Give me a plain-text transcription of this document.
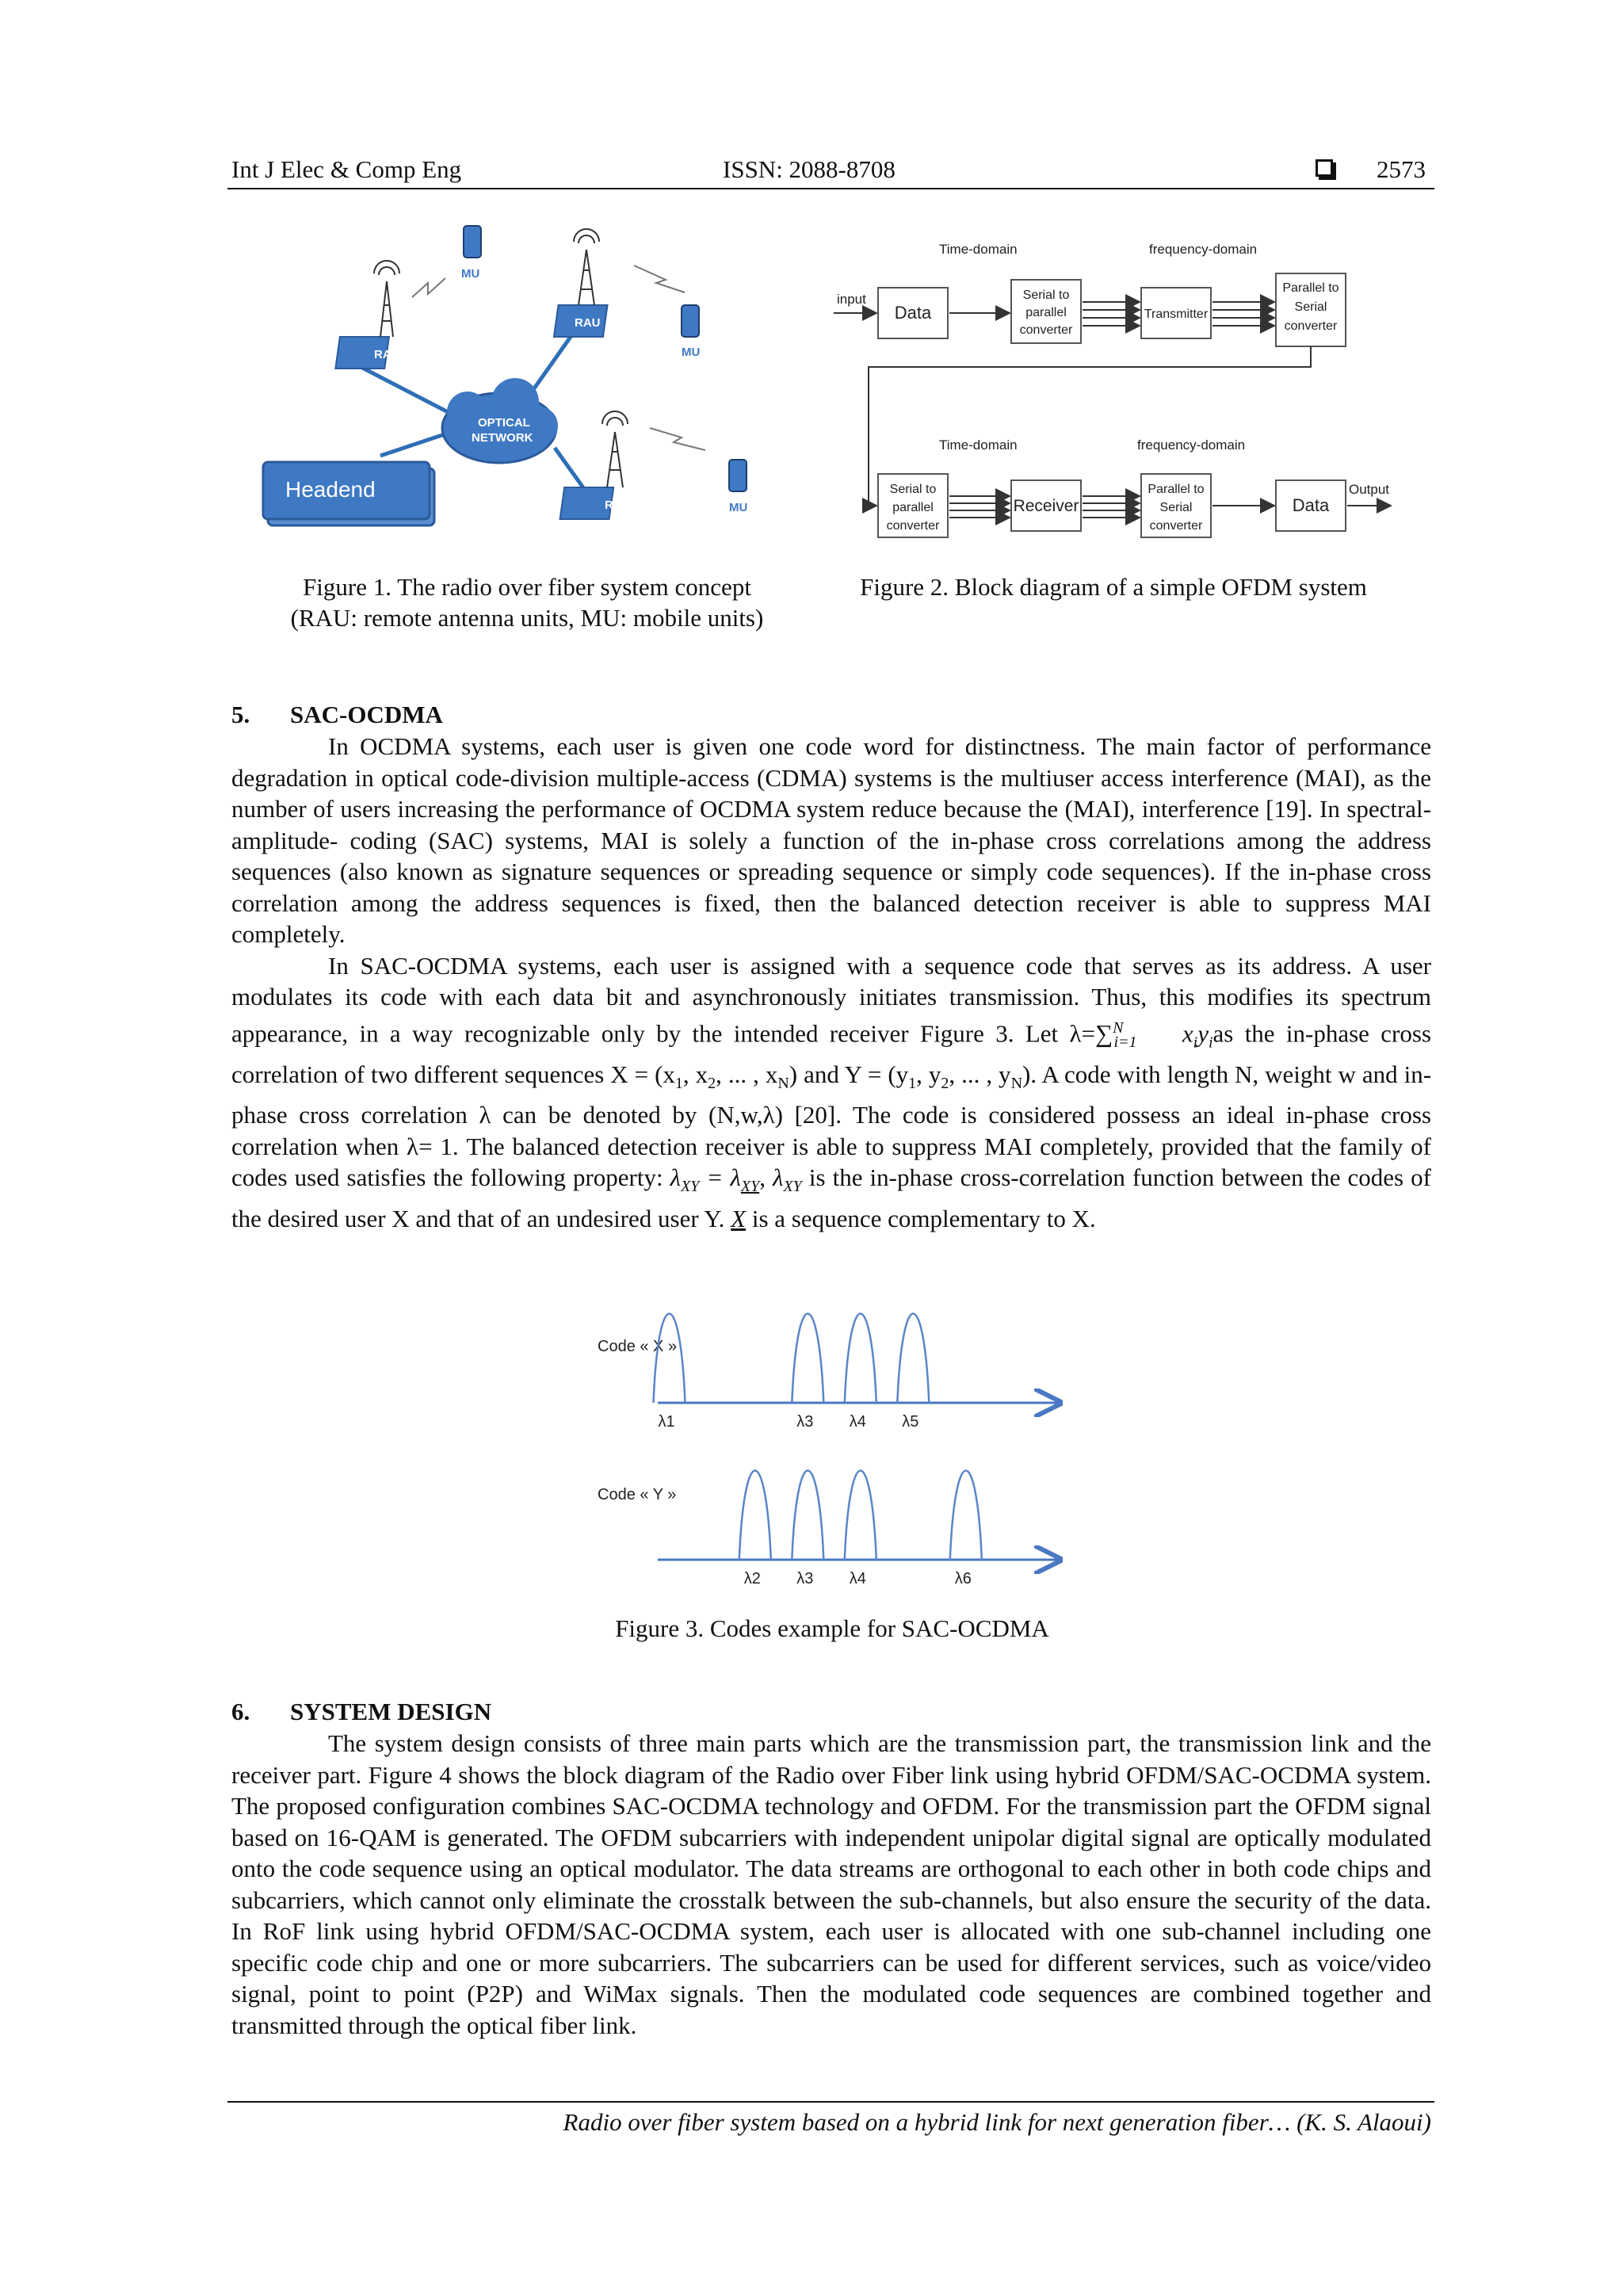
Int J Elec & Comp Eng	ISSN: 2088-8708	2573
Headend
OPTICAL
NETWORK
RAU
RAU
RAU
MU
MU
MU
Figure 1. The radio over fiber system concept
(RAU: remote antenna units, MU: mobile units)
Time-domain	frequency-domain
Time-domain	frequency-domain
input
Output
Data
Serial to
parallel
converter
Transmitter
Parallel to
Serial
converter
Serial to
parallel
converter
Receiver
Parallel to
Serial
converter
Data
Figure 2. Block diagram of a simple OFDM system
5. SAC-OCDMA

In OCDMA systems, each user is given one code word for distinctness. The main factor of performance degradation in optical code-division multiple-access (CDMA) systems is the multiuser access interference (MAI), as the number of users increasing the performance of OCDMA system reduce because the (MAI), interference [19]. In spectral-amplitude- coding (SAC) systems, MAI is solely a function of the in-phase cross correlations among the address sequences (also known as signature sequences or spreading sequence or simply code sequences). If the in-phase cross correlation among the address sequences is fixed, then the balanced detection receiver is able to suppress MAI completely.

In SAC-OCDMA systems, each user is assigned with a sequence code that serves as its address. A user modulates its code with each data bit and asynchronously initiates transmission. Thus, this modifies its spectrum appearance, in a way recognizable only by the intended receiver Figure 3. Let λ=∑$^N_{i=1}$ $x_iy_ias$ the in-phase cross correlation of two different sequences $X = (x_1$, $x_2$, ... , $x_N$) and $Y = (y_1$, $y_2$, ... , $y_N$). A code with length N, weight w and in-phase cross correlation λ can be denoted by (N,w,λ) [20]. The code is considered possess an ideal in-phase cross correlation when λ= 1. The balanced detection receiver is able to suppress MAI completely, provided that the family of codes used satisfies the following property: $\lambda_{XY} = \lambda_{XY}$, $\lambda_{XY}$ is the in-phase cross-correlation function between the codes of the desired user X and that of an undesired user Y. X is a sequence complementary to X.

Code « X »
Code « Y »
λ1	λ3 λ4 λ5
λ2 λ3 λ4	λ6
Figure 3. Codes example for SAC-OCDMA
6. SYSTEM DESIGN

The system design consists of three main parts which are the transmission part, the transmission link and the receiver part. Figure 4 shows the block diagram of the Radio over Fiber link using hybrid OFDM/SAC-OCDMA system. The proposed configuration combines SAC-OCDMA technology and OFDM. For the transmission part the OFDM signal based on 16-QAM is generated. The OFDM subcarriers with independent unipolar digital signal are optically modulated onto the code sequence using an optical modulator. The data streams are orthogonal to each other in both code chips and subcarriers, which cannot only eliminate the crosstalk between the sub-channels, but also ensure the security of the data. In RoF link using hybrid OFDM/SAC-OCDMA system, each user is allocated with one sub-channel including one specific code chip and one or more subcarriers. The subcarriers can be used for different services, such as voice/video signal, point to point (P2P) and WiMax signals. Then the modulated code sequences are combined together and transmitted through the optical fiber link.

Radio over fiber system based on a hybrid link for next generation fiber… (K. S. Alaoui)
